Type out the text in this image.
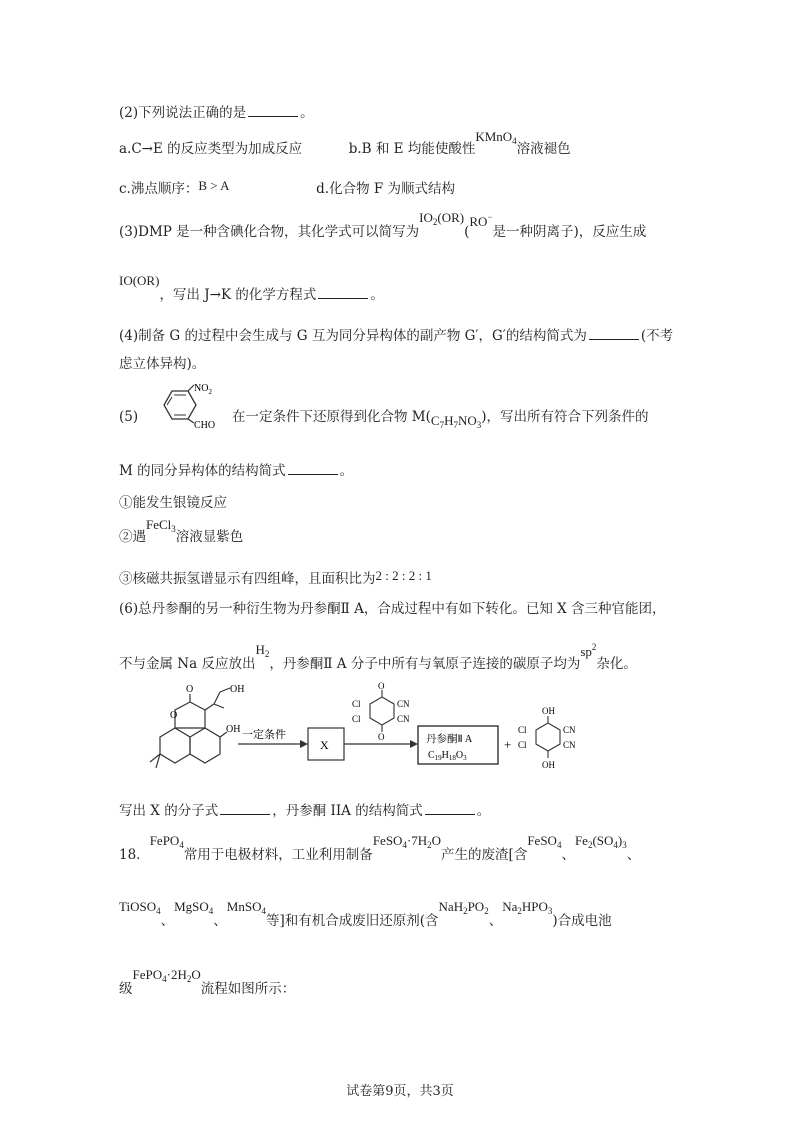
(2)下列说法正确的是	。
a.C→E 的反应类型为加成反应	b.B 和 E 均能使酸性KMnO$_4$溶液褪色
c.沸点顺序：B > A	d.化合物 F 为顺式结构
(3)DMP 是一种含碘化合物，其化学式可以简写为$IO_2(OR)(RO^-$是一种阴离子)，反应生成
IO(OR)，写出 J→K 的化学方程式	。
(4)制备 G 的过程中会生成与 G 互为同分异构体的副产物 G′，G′的结构简式为	(不考
虑立体异构)。
(5)
$NO_2$
CHO
在一定条件下还原得到化合物 $M(C_7H_7NO_3)$，写出所有符合下列条件的
M 的同分异构体的结构简式	。
①能发生银镜反应
②遇FeCl$_3$溶液显紫色
③核磁共振氢谱显示有四组峰，且面积比为2 : 2 : 2 : 1
(6)总丹参酮的另一种衍生物为丹参酮Ⅱ A，合成过程中有如下转化。已知 X 含三种官能团，
不与金属 Na 反应放出$H_2$，丹参酮Ⅱ A 分子中所有与氧原子连接的碳原子均为$sp^2$杂化。
O
O	OH
OH 一定条件
X
O
O
Cl
Cl
CN
CN
丹参酮Ⅱ A
$C_{19}H_{18}O_3$
+
OH
OH
Cl
Cl
CN
CN
写出 X 的分子式	，丹参酮 IIA 的结构简式	。
18．FePO$_4$常用于电极材料，工业利用制备$FeSO_4\cdot 7H_2O$产生的废渣[含FeSO$_4$、$Fe_2(SO_4)_3$、
TiOSO$_4$、MgSO$_4$、MnSO$_4$等]和有机合成废旧还原剂(含$NaH_2PO_2$、$Na_2HPO_3$)合成电池
级$FePO_4\cdot 2H_2O$流程如图所示：
试卷第9页，共3页
